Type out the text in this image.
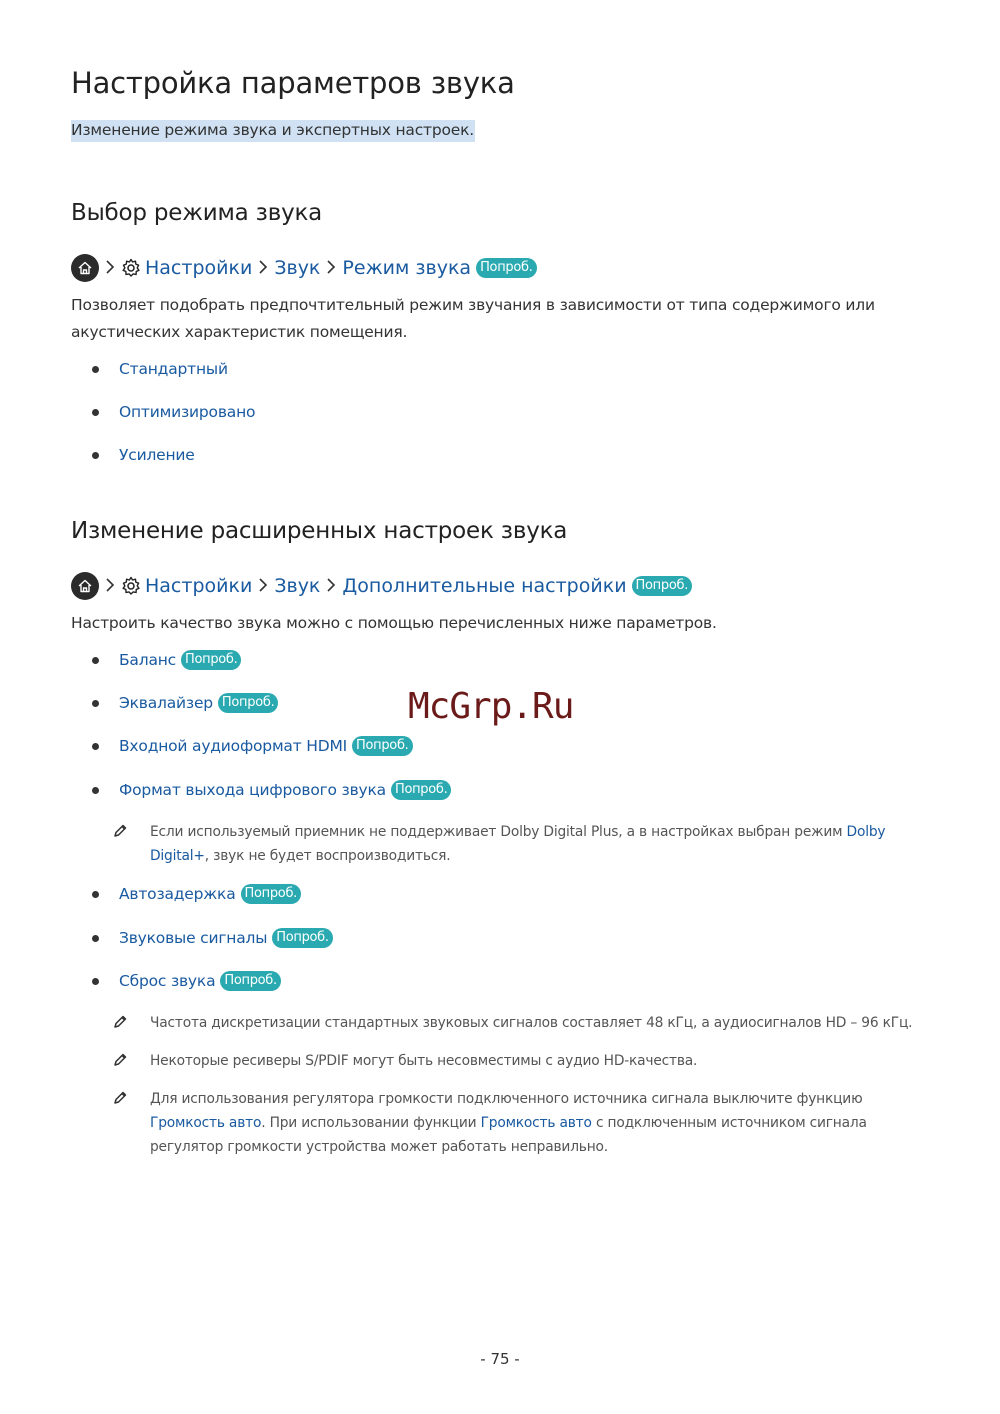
Настройка параметров звука
Изменение режима звука и экспертных настроек.
Выбор режима звука
Настройки Звук Режим звука Попроб.
Позволяет подобрать предпочтительный режим звучания в зависимости от типа содержимого или акустических характеристик помещения.
Стандартный
Оптимизировано
Усиление
Изменение расширенных настроек звука
Настройки Звук Дополнительные настройки Попроб.
Настроить качество звука можно с помощью перечисленных ниже параметров.
Баланс Попроб.
Эквалайзер Попроб.
Входной аудиоформат HDMI Попроб.
Формат выхода цифрового звука Попроб.
Если используемый приемник не поддерживает Dolby Digital Plus, а в настройках выбран режим Dolby Digital+, звук не будет воспроизводиться.
Автозадержка Попроб.
Звуковые сигналы Попроб.
Сброс звука Попроб.
Частота дискретизации стандартных звуковых сигналов составляет 48 кГц, а аудиосигналов HD – 96 кГц.
Некоторые ресиверы S/PDIF могут быть несовместимы с аудио HD-качества.
Для использования регулятора громкости подключенного источника сигнала выключите функцию Громкость авто. При использовании функции Громкость авто с подключенным источником сигнала регулятор громкости устройства может работать неправильно.
McGrp.Ru
- 75 -
